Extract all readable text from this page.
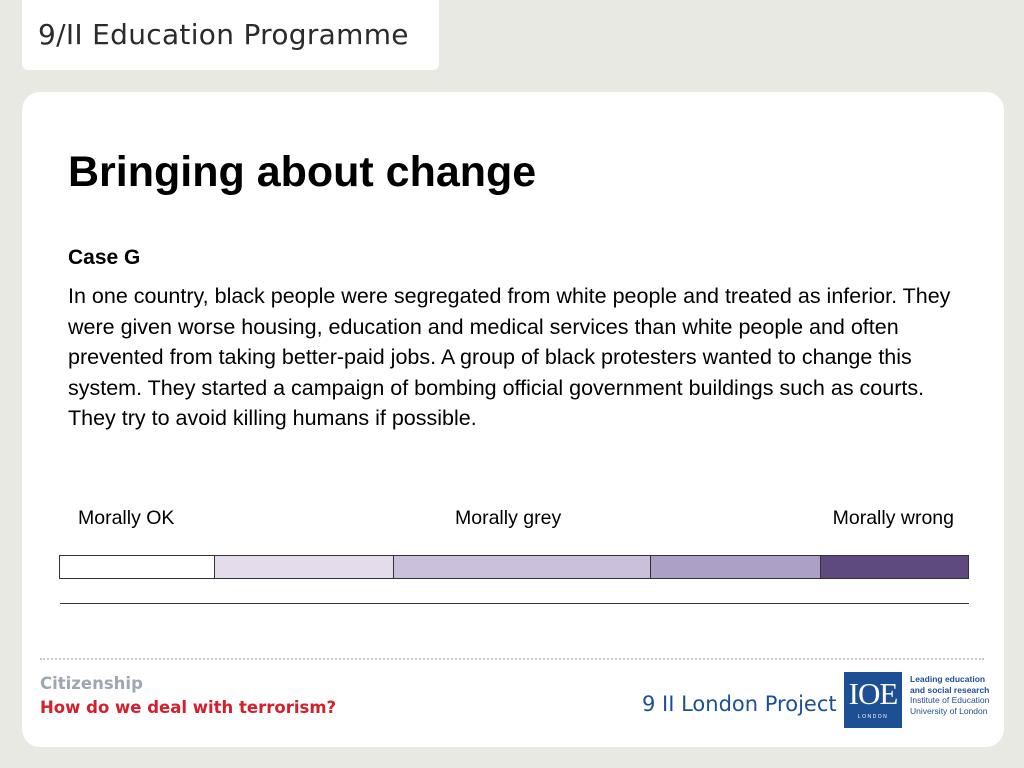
9/II Education Programme
Bringing about change
Case G

In one country, black people were segregated from white people and treated as inferior. They were given worse housing, education and medical services than white people and often prevented from taking better-paid jobs. A group of black protesters wanted to change this system. They started a campaign of bombing official government buildings such as courts. They try to avoid killing humans if possible.

Morally OK	Morally grey	Morally wrong
Citizenship
How do we deal with terrorism?	9 II London Project IOE
LONDON
Leading education
and social research
Institute of Education
University of London
